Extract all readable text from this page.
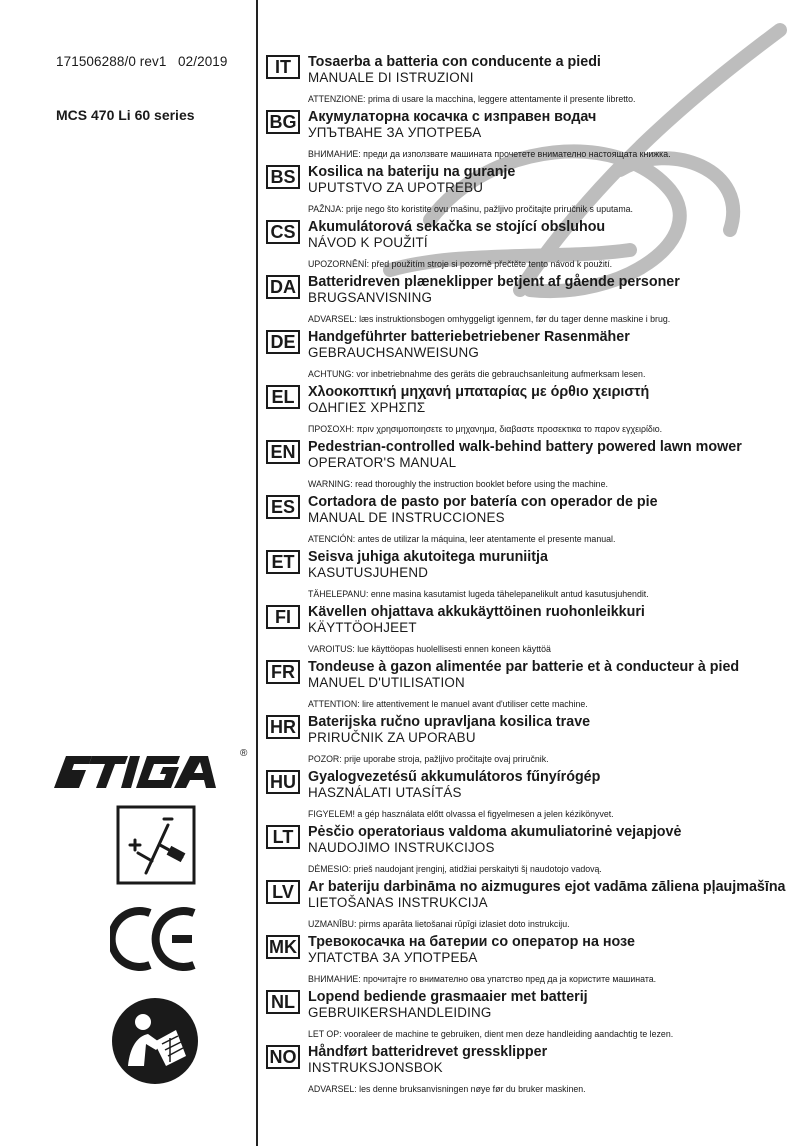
171506288/0 rev1 02/2019
MCS 470 Li 60 series
®
IT	Tosaerba a batteria con conducente a piedi
MANUALE DI ISTRUZIONI
ATTENZIONE: prima di usare la macchina, leggere attentamente il presente libretto.
BG Акумулаторна косачка с изправен водач
УПЪТВАНЕ ЗА УПОТРЕБА
ВНИМАНИЕ: преди да използвате машината прочетете внимателно настоящата книжка.
BS Kosilica na bateriju na guranje
UPUTSTVO ZA UPOTREBU
PAŽNJA: prije nego što koristite ovu mašinu, pažljivo pročitajte priručnik s uputama.
CS Akumulátorová sekačka se stojící obsluhou
NÁVOD K POUŽITÍ
UPOZORNĚNÍ: před použitím stroje si pozorně přečtěte tento návod k použití.
DA Batteridreven plæneklipper betjent af gående personer
BRUGSANVISNING
ADVARSEL: læs instruktionsbogen omhyggeligt igennem, før du tager denne maskine i brug.
DE Handgeführter batteriebetriebener Rasenmäher
GEBRAUCHSANWEISUNG
ACHTUNG: vor inbetriebnahme des geräts die gebrauchsanleitung aufmerksam lesen.
EL Χλοοκοπτική μηχανή μπαταρίας με όρθιο χειριστή
ΟΔΗΓΙΕΣ ΧΡΗΣΠΣ
ΠΡΟΣΟΧΗ: πριν χρησιμοποιησετε το μηχανημα, διαβαστε προσεκτικα το παρον εγχειρίδιο.
EN Pedestrian-controlled walk-behind battery powered lawn mower
OPERATOR'S MANUAL
WARNING: read thoroughly the instruction booklet before using the machine.
ES Cortadora de pasto por batería con operador de pie
MANUAL DE INSTRUCCIONES
ATENCIÓN: antes de utilizar la máquina, leer atentamente el presente manual.
ET Seisva juhiga akutoitega muruniitja
KASUTUSJUHEND
TÄHELEPANU: enne masina kasutamist lugeda tähelepanelikult antud kasutusjuhendit.
FI	Kävellen ohjattava akkukäyttöinen ruohonleikkuri
KÄYTTÖOHJEET
VAROITUS: lue käyttöopas huolellisesti ennen koneen käyttöä
FR Tondeuse à gazon alimentée par batterie et à conducteur à pied
MANUEL D'UTILISATION
ATTENTION: lire attentivement le manuel avant d'utiliser cette machine.
HR Baterijska ručno upravljana kosilica trave
PRIRUČNIK ZA UPORABU
POZOR: prije uporabe stroja, pažljivo pročitajte ovaj priručnik.
HU Gyalogvezetésű akkumulátoros fűnyírógép
HASZNÁLATI UTASÍTÁS
FIGYELEM! a gép használata előtt olvassa el figyelmesen a jelen kézikönyvet.
LT	Pėsčio operatoriaus valdoma akumuliatorinė vejapjovė
NAUDOJIMO INSTRUKCIJOS
DĖMESIO: prieš naudojant įrenginį, atidžiai perskaityti šį naudotojo vadovą.
LV Ar bateriju darbināma no aizmugures ejot vadāma zāliena pļaujmašīna
LIETOŠANAS INSTRUKCIJA
UZMANĪBU: pirms aparāta lietošanai rūpīgi izlasiet doto instrukciju.
MK Тревокосачка на батерии со оператор на нозе
УПАТСТВА ЗА УПОТРЕБА
ВНИМАНИЕ: прочитајте го внимателно ова упатство пред да ја користите машината.
NL Lopend bediende grasmaaier met batterij
GEBRUIKERSHANDLEIDING
LET OP: vooraleer de machine te gebruiken, dient men deze handleiding aandachtig te lezen.
NO Håndført batteridrevet gressklipper
INSTRUKSJONSBOK
ADVARSEL: les denne bruksanvisningen nøye før du bruker maskinen.
